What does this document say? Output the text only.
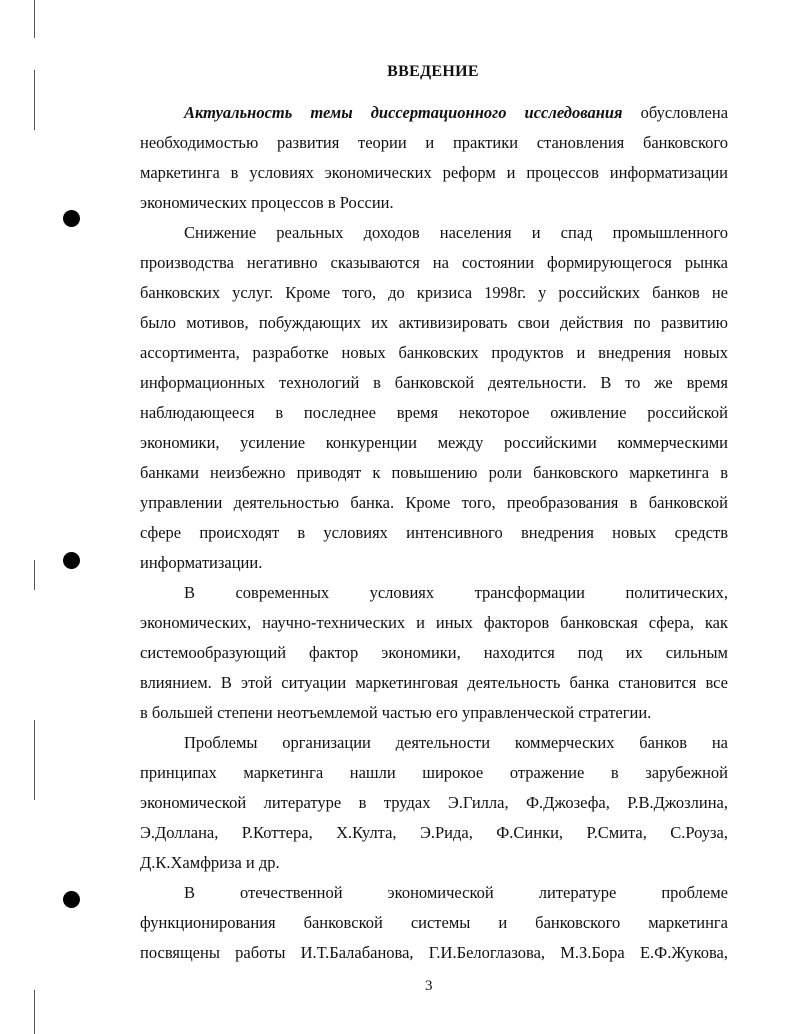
ВВЕДЕНИЕ
Актуальность темы диссертационного исследования обусловлена
необходимостью развития теории и практики становления банковского
маркетинга в условиях экономических реформ и процессов информатизации
экономических процессов в России.
Снижение реальных доходов населения и спад промышленного
производства негативно сказываются на состоянии формирующегося рынка
банковских услуг. Кроме того, до кризиса 1998г. у российских банков не
было мотивов, побуждающих их активизировать свои действия по развитию
ассортимента, разработке новых банковских продуктов и внедрения новых
информационных технологий в банковской деятельности. В то же время
наблюдающееся в последнее время некоторое оживление российской
экономики, усиление конкуренции между российскими коммерческими
банками неизбежно приводят к повышению роли банковского маркетинга в
управлении деятельностью банка. Кроме того, преобразования в банковской
сфере происходят в условиях интенсивного внедрения новых средств
информатизации.
В современных условиях трансформации политических,
экономических, научно-технических и иных факторов банковская сфера, как
системообразующий фактор экономики, находится под их сильным
влиянием. В этой ситуации маркетинговая деятельность банка становится все
в большей степени неотъемлемой частью его управленческой стратегии.
Проблемы организации деятельности коммерческих банков на
принципах маркетинга нашли широкое отражение в зарубежной
экономической литературе в трудах Э.Гилла, Ф.Джозефа, Р.В.Джозлина,
Э.Доллана, Р.Коттера, Х.Култа, Э.Рида, Ф.Синки, Р.Смита, С.Роуза,
Д.К.Хамфриза и др.
В отечественной экономической литературе проблеме
функционирования банковской системы и банковского маркетинга
посвящены работы И.Т.Балабанова, Г.И.Белоглазова, М.З.Бора Е.Ф.Жукова,
3
